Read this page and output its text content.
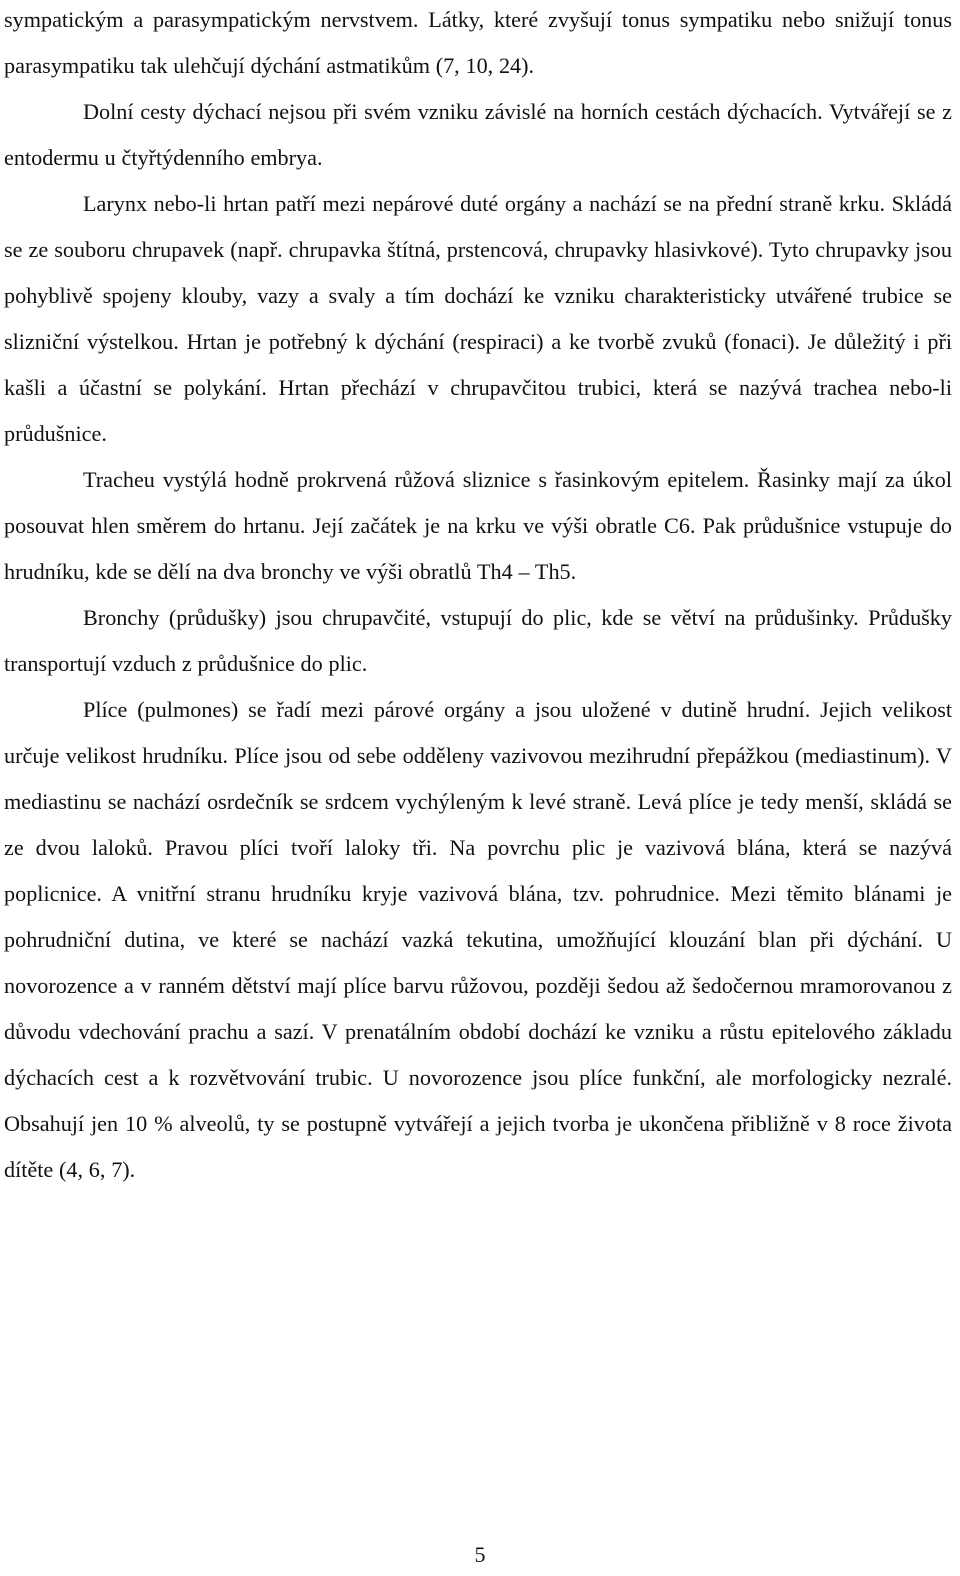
sympatickým a parasympatickým nervstvem. Látky, které zvyšují tonus sympatiku nebo snižují tonus parasympatiku tak ulehčují dýchání astmatikům (7, 10, 24).

Dolní cesty dýchací nejsou při svém vzniku závislé na horních cestách dýchacích. Vytvářejí se z entodermu u čtyřtýdenního embrya.

Larynx nebo-li hrtan patří mezi nepárové duté orgány a nachází se na přední straně krku. Skládá se ze souboru chrupavek (např. chrupavka štítná, prstencová, chrupavky hlasivkové). Tyto chrupavky jsou pohyblivě spojeny klouby, vazy a svaly a tím dochází ke vzniku charakteristicky utvářené trubice se slizniční výstelkou. Hrtan je potřebný k dýchání (respiraci) a ke tvorbě zvuků (fonaci). Je důležitý i při kašli a účastní se polykání. Hrtan přechází v chrupavčitou trubici, která se nazývá trachea nebo-li průdušnice.

Tracheu vystýlá hodně prokrvená růžová sliznice s řasinkovým epitelem. Řasinky mají za úkol posouvat hlen směrem do hrtanu. Její začátek je na krku ve výši obratle C6. Pak průdušnice vstupuje do hrudníku, kde se dělí na dva bronchy ve výši obratlů Th4 – Th5.

Bronchy (průdušky) jsou chrupavčité, vstupují do plic, kde se větví na průdušinky. Průdušky transportují vzduch z průdušnice do plic.

Plíce (pulmones) se řadí mezi párové orgány a jsou uložené v dutině hrudní. Jejich velikost určuje velikost hrudníku. Plíce jsou od sebe odděleny vazivovou mezihrudní přepážkou (mediastinum). V mediastinu se nachází osrdečník se srdcem vychýleným k levé straně. Levá plíce je tedy menší, skládá se ze dvou laloků. Pravou plíci tvoří laloky tři. Na povrchu plic je vazivová blána, která se nazývá poplicnice. A vnitřní stranu hrudníku kryje vazivová blána, tzv. pohrudnice. Mezi těmito blánami je pohrudniční dutina, ve které se nachází vazká tekutina, umožňující klouzání blan při dýchání. U novorozence a v ranném dětství mají plíce barvu růžovou, později šedou až šedočernou mramorovanou z důvodu vdechování prachu a sazí. V prenatálním období dochází ke vzniku a růstu epitelového základu dýchacích cest a k rozvětvování trubic. U novorozence jsou plíce funkční, ale morfologicky nezralé. Obsahují jen 10 % alveolů, ty se postupně vytvářejí a jejich tvorba je ukončena přibližně v 8 roce života dítěte (4, 6, 7).

5
